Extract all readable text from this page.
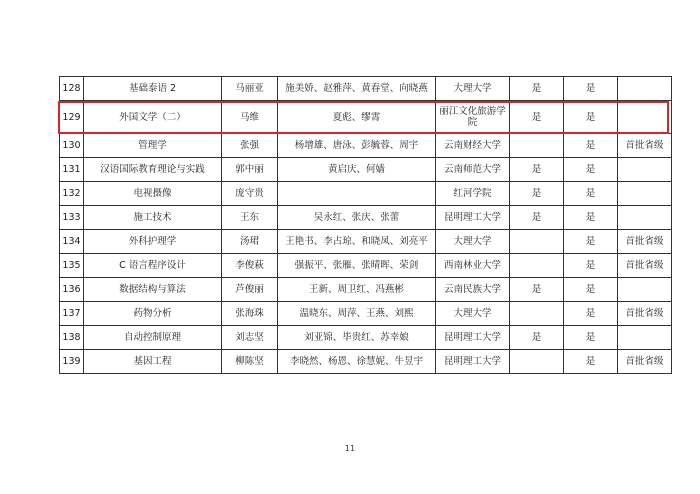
128	基础泰语 2	马丽亚	施美娇、赵雅萍、黄春堂、向晓燕	大理大学	是	是	
129	外国文学（二）	马维	夏彪、缪霄	丽江文化旅游学院	是	是	
130	管理学	张强	杨增雄、唐泳、彭毓蓉、周宇	云南财经大学		是	首批省级
131	汉语国际教育理论与实践	郭中丽	黄启庆、何嫱	云南师范大学	是	是	
132	电视摄像	庞守贵		红河学院	是	是	
133	施工技术	王东	吴永红、张庆、张蕾	昆明理工大学	是	是	
134	外科护理学	汤珺	王艳书、李占琼、和晓凤、刘亮平	大理大学		是	首批省级
135	C 语言程序设计	李俊萩	强振平、张雁、张晴晖、荣剑	西南林业大学		是	首批省级
136	数据结构与算法	芦俊丽	王新、周卫红、冯燕彬	云南民族大学	是	是	
137	药物分析	张海珠	温晓东、周萍、王燕、刘熙	大理大学		是	首批省级
138	自动控制原理	刘志坚	刘亚锦、毕贵红、苏幸娘	昆明理工大学	是	是	
139	基因工程	柳陈坚	李晓然、杨恩、徐慧妮、牛昱宇	昆明理工大学		是	首批省级
11
